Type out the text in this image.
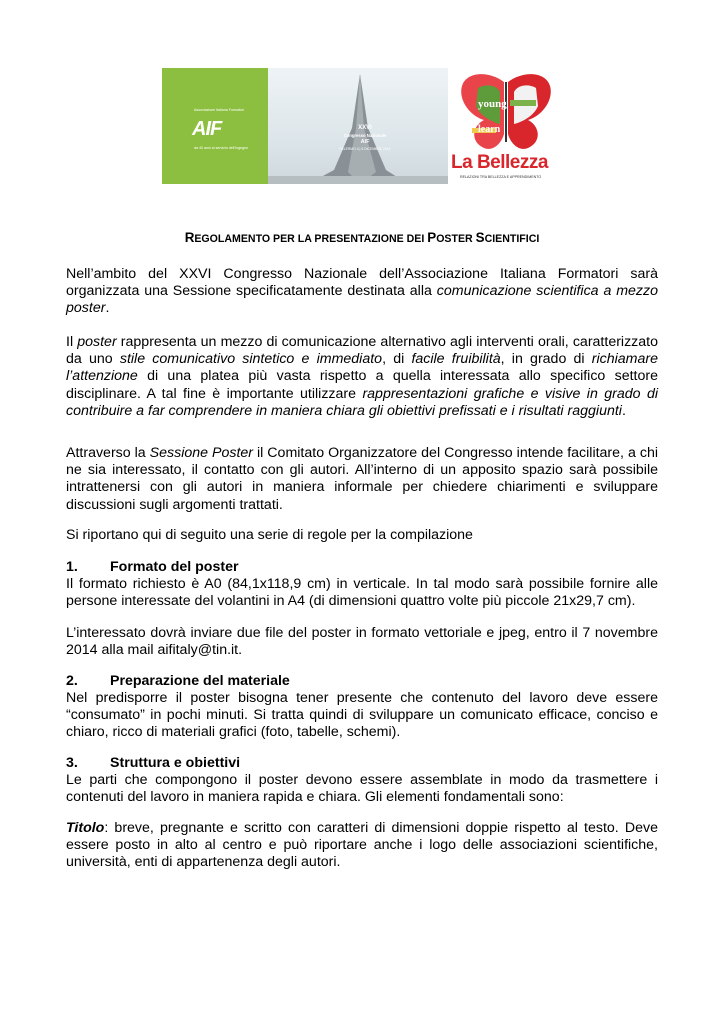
Associazione Italiana Formatori
AIF
da 40 anni al servizio dell'Ingegno
XXVI
Congresso Nazionale
AIF
PALERMO 4 | 6 DICEMBRE 2014
young
learn
La Bellezza
RELAZIONI TRA BELLEZZA E APPRENDIMENTO
REGOLAMENTO PER LA PRESENTAZIONE DEI POSTER SCIENTIFICI
Nell’ambito del XXVI Congresso Nazionale dell’Associazione Italiana Formatori sarà organizzata una Sessione specificatamente destinata alla comunicazione scientifica a mezzo poster.
Il poster rappresenta un mezzo di comunicazione alternativo agli interventi orali, caratterizzato da uno stile comunicativo sintetico e immediato, di facile fruibilità, in grado di richiamare l’attenzione di una platea più vasta rispetto a quella interessata allo specifico settore disciplinare. A tal fine è importante utilizzare rappresentazioni grafiche e visive in grado di contribuire a far comprendere in maniera chiara gli obiettivi prefissati e i risultati raggiunti.
Attraverso la Sessione Poster il Comitato Organizzatore del Congresso intende facilitare, a chi ne sia interessato, il contatto con gli autori. All’interno di un apposito spazio sarà possibile intrattenersi con gli autori in maniera informale per chiedere chiarimenti e sviluppare discussioni sugli argomenti trattati.
Si riportano qui di seguito una serie di regole per la compilazione
1. Formato del poster
Il formato richiesto è A0 (84,1x118,9 cm) in verticale. In tal modo sarà possibile fornire alle persone interessate del volantini in A4 (di dimensioni quattro volte più piccole 21x29,7 cm).
L’interessato dovrà inviare due file del poster in formato vettoriale e jpeg, entro il 7 novembre 2014 alla mail aifitaly@tin.it.
2. Preparazione del materiale
Nel predisporre il poster bisogna tener presente che contenuto del lavoro deve essere “consumato” in pochi minuti. Si tratta quindi di sviluppare un comunicato efficace, conciso e chiaro, ricco di materiali grafici (foto, tabelle, schemi).
3. Struttura e obiettivi
Le parti che compongono il poster devono essere assemblate in modo da trasmettere i contenuti del lavoro in maniera rapida e chiara. Gli elementi fondamentali sono:
Titolo: breve, pregnante e scritto con caratteri di dimensioni doppie rispetto al testo. Deve essere posto in alto al centro e può riportare anche i logo delle associazioni scientifiche, università, enti di appartenenza degli autori.
